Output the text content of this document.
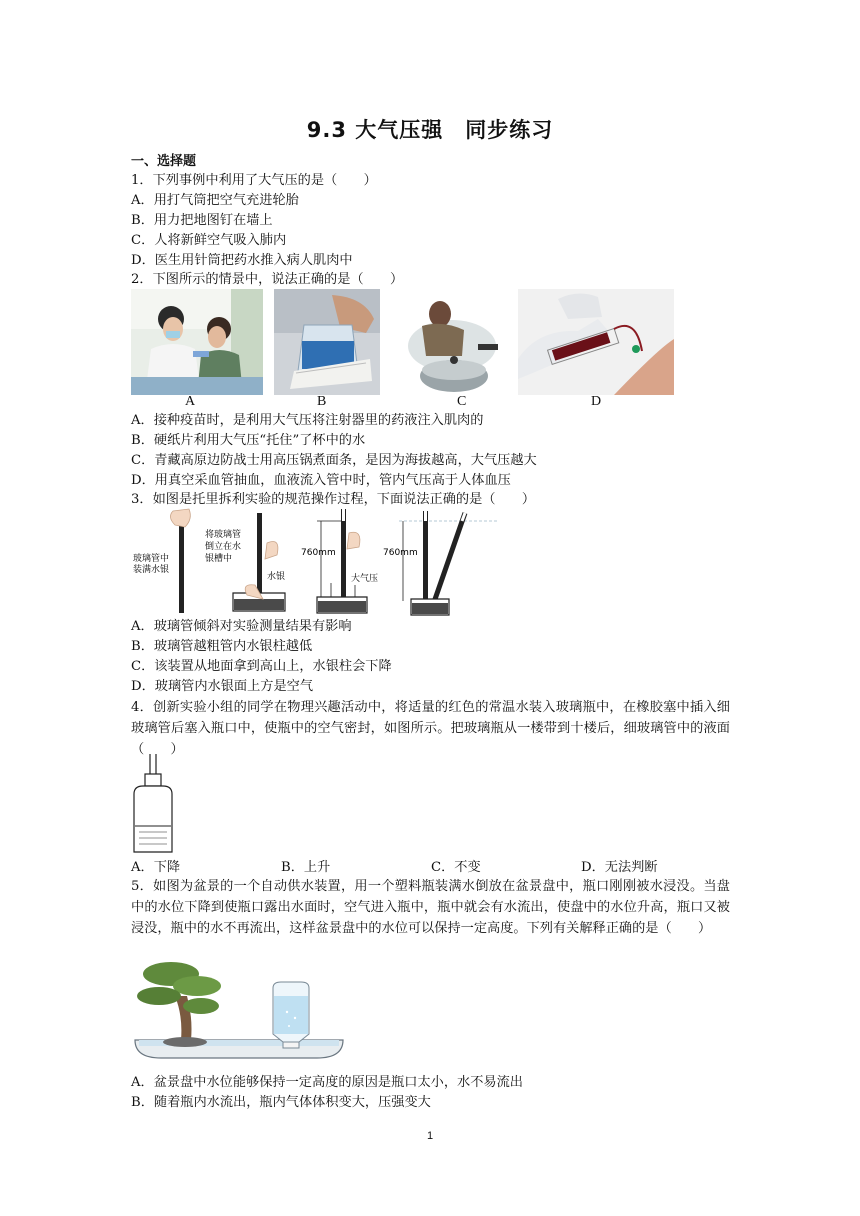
9.3 大气压强　同步练习
一、选择题
1．下列事例中利用了大气压的是（　　）
A．用打气筒把空气充进轮胎
B．用力把地图钉在墙上
C．人将新鲜空气吸入肺内
D．医生用针筒把药水推入病人肌肉中
2．下图所示的情景中，说法正确的是（　　）
A	B	C	D
A．接种疫苗时，是利用大气压将注射器里的药液注入肌肉的
B．硬纸片利用大气压“托住”了杯中的水
C．青藏高原边防战士用高压锅煮面条，是因为海拔越高，大气压越大
D．用真空采血管抽血，血液流入管中时，管内气压高于人体血压
3．如图是托里拆利实验的规范操作过程，下面说法正确的是（　　）
玻璃管中
装满水银
将玻璃管
倒立在水
银槽中
水银
760mm
大气压
760mm
A．玻璃管倾斜对实验测量结果有影响
B．玻璃管越粗管内水银柱越低
C．该装置从地面拿到高山上，水银柱会下降
D．玻璃管内水银面上方是空气
4．创新实验小组的同学在物理兴趣活动中，将适量的红色的常温水装入玻璃瓶中，在橡胶塞中插入细玻璃管后塞入瓶口中，使瓶中的空气密封，如图所示。把玻璃瓶从一楼带到十楼后，细玻璃管中的液面（　　）
A．下降	B．上升	C．不变	D．无法判断
5．如图为盆景的一个自动供水装置，用一个塑料瓶装满水倒放在盆景盘中，瓶口刚刚被水浸没。当盘中的水位下降到使瓶口露出水面时，空气进入瓶中，瓶中就会有水流出，使盘中的水位升高，瓶口又被浸没，瓶中的水不再流出，这样盆景盘中的水位可以保持一定高度。下列有关解释正确的是（　　）
A．盆景盘中水位能够保持一定高度的原因是瓶口太小，水不易流出
B．随着瓶内水流出，瓶内气体体积变大，压强变大
1
